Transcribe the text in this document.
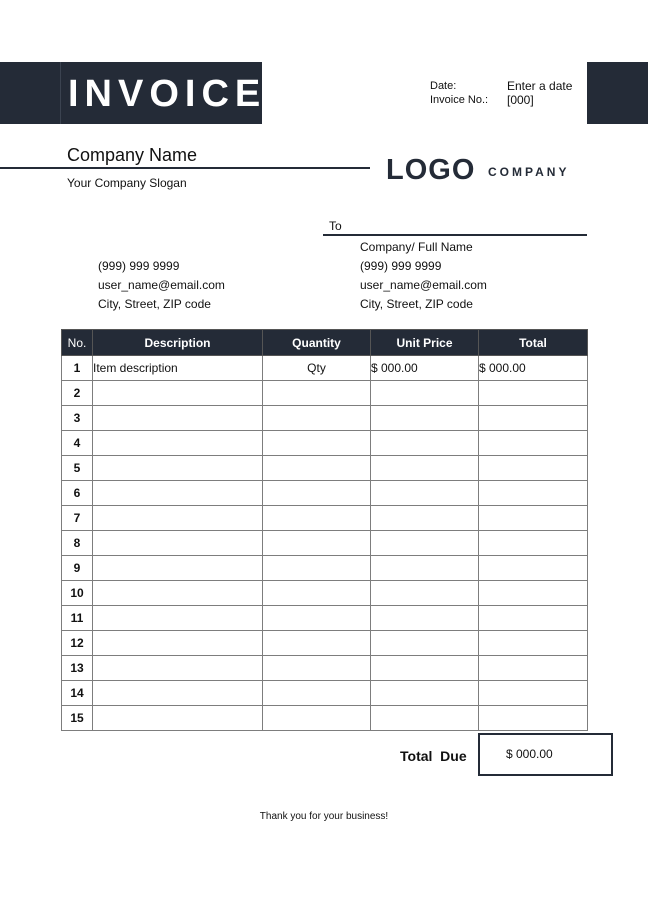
INVOICE	Date:	Enter a date
Invoice No.: [000]
Company Name
Your Company Slogan	LOGO COMPANY
To
(999) 999 9999
user_name@email.com
City, Street, ZIP code
Company/ Full Name
(999) 999 9999
user_name@email.com
City, Street, ZIP code
No.	Description	Quantity	Unit Price	Total
1	Item description	Qty	$ 000.00	$ 000.00
2				
3				
4				
5				
6				
7				
8				
9				
10				
11				
12				
13				
14				
15				
Total  Due	$ 000.00
Thank you for your business!
